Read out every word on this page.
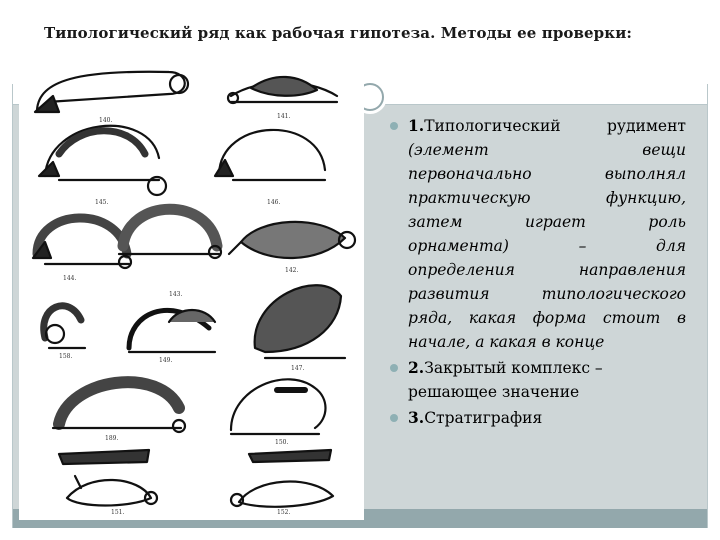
Типологический ряд как рабочая гипотеза. Методы ее проверки:
140.
141.
145.	146.
144.
143.
142.
158.
149.
147.
189.
150.
151.	152.
1.Типологический рудимент
(элемент вещи
первоначально выполнял
практическую функцию,
затем играет роль
орнамента) – для
определения направления
развития типологического
ряда, какая форма стоит в
начале, а какая в конце
2.Закрытый комплекс –
решающее значение
3.Стратиграфия
